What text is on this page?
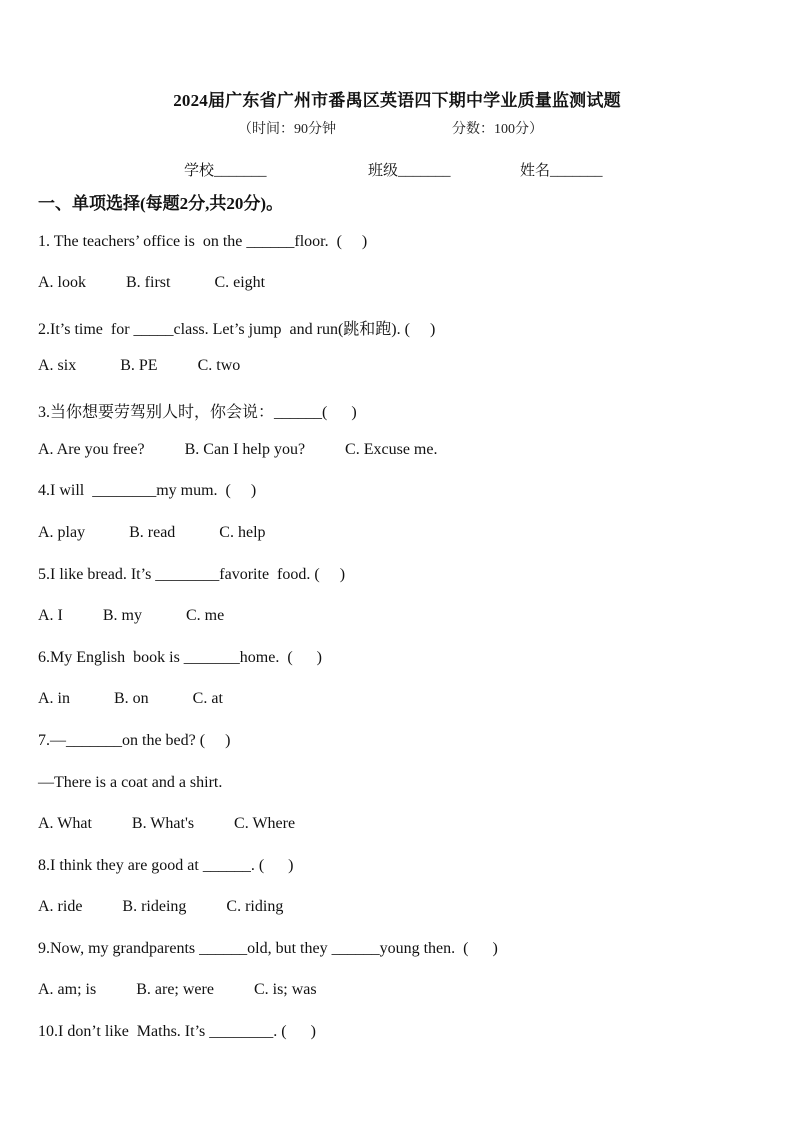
2024届广东省广州市番禺区英语四下期中学业质量监测试题
（时间：90分钟	分数：100分）
学校_______	班级_______	姓名_______
一、单项选择(每题2分,共20分)。
1. The teachers’ office is  on the ______floor.  (     )
A. look          B. first           C. eight
2.It’s time  for _____class. Let’s jump  and run(跳和跑). (     )
A. six           B. PE          C. two
3.当你想要劳驾别人时，你会说：______(      )
A. Are you free?          B. Can I help you?          C. Excuse me.
4.I will  ________my mum.  (     )
A. play           B. read           C. help
5.I like bread. It’s ________favorite  food. (     )
A. I          B. my           C. me
6.My English  book is _______home.  (      )
A. in           B. on           C. at
7.—_______on the bed? (     )
—There is a coat and a shirt.
A. What          B. What's          C. Where
8.I think they are good at ______. (      )
A. ride          B. rideing          C. riding
9.Now, my grandparents ______old, but they ______young then.  (      )
A. am; is          B. are; were          C. is; was
10.I don’t like  Maths. It’s ________. (      )
